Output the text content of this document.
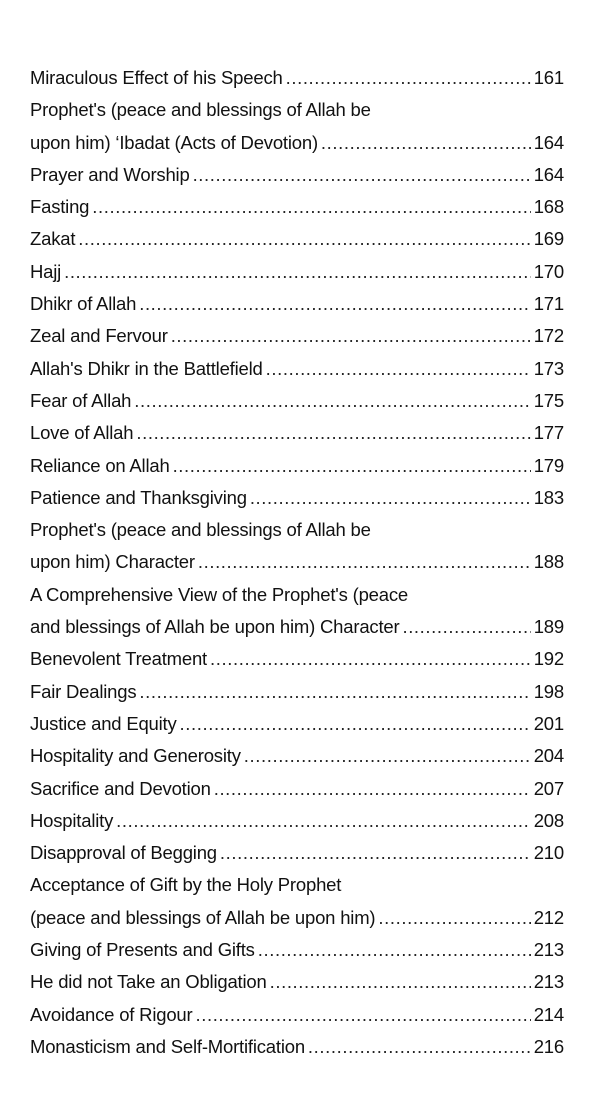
Miraculous Effect of his Speech .....	161
Prophet's (peace and blessings of Allah be
upon him) ‘Ibadat (Acts of Devotion) .....	164
Prayer and Worship .....	164
Fasting .....	168
Zakat .....	169
Hajj .....	170
Dhikr of Allah .....	171
Zeal and Fervour .....	172
Allah's Dhikr in the Battlefield .....	173
Fear of Allah .....	175
Love of Allah .....	177
Reliance on Allah .....	179
Patience and Thanksgiving .....	183
Prophet's (peace and blessings of Allah be
upon him) Character .....	188
A Comprehensive View of the Prophet's (peace
and blessings of Allah be upon him) Character .....	189
Benevolent Treatment .....	192
Fair Dealings .....	198
Justice and Equity .....	201
Hospitality and Generosity .....	204
Sacrifice and Devotion .....	207
Hospitality .....	208
Disapproval of Begging .....	210
Acceptance of Gift by the Holy Prophet
(peace and blessings of Allah be upon him) .....	212
Giving of Presents and Gifts .....	213
He did not Take an Obligation .....	213
Avoidance of Rigour .....	214
Monasticism and Self-Mortification .....	216
